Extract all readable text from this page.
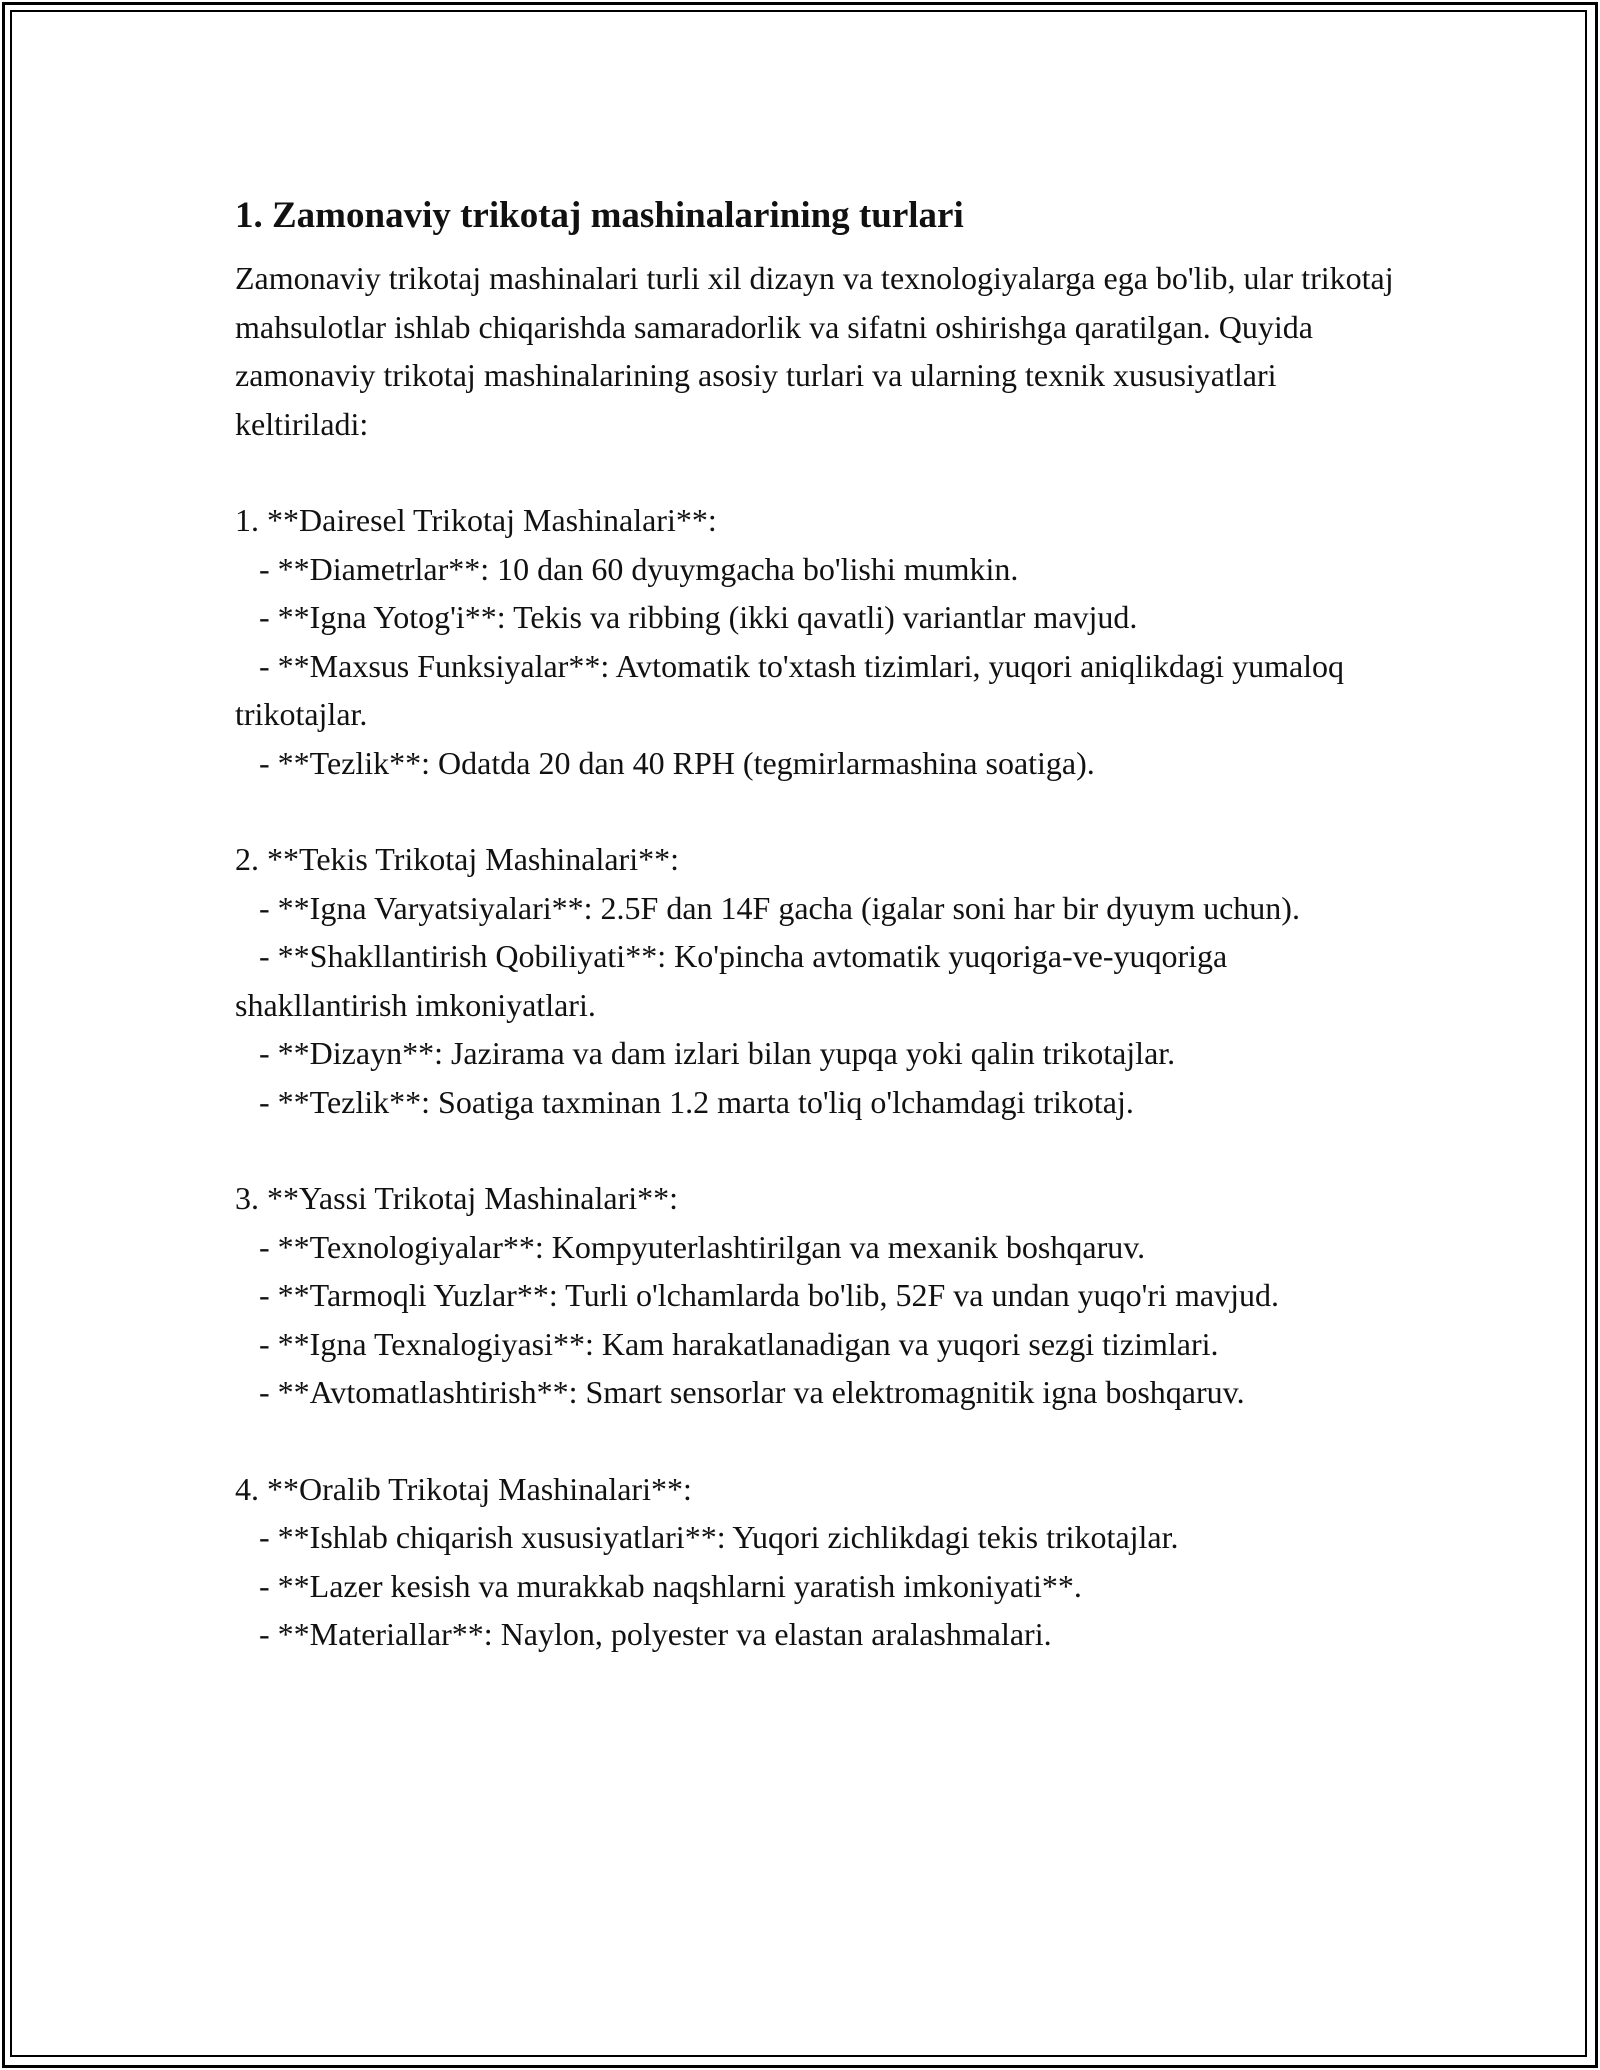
1. Zamonaviy trikotaj mashinalarining turlari

Zamonaviy trikotaj mashinalari turli xil dizayn va texnologiyalarga ega bo'lib, ular trikotaj mahsulotlar ishlab chiqarishda samaradorlik va sifatni oshirishga qaratilgan. Quyida zamonaviy trikotaj mashinalarining asosiy turlari va ularning texnik xususiyatlari keltiriladi:

1. **Dairesel Trikotaj Mashinalari**:

- **Diametrlar**: 10 dan 60 dyuymgacha bo'lishi mumkin.

- **Igna Yotog'i**: Tekis va ribbing (ikki qavatli) variantlar mavjud.

- **Maxsus Funksiyalar**: Avtomatik to'xtash tizimlari, yuqori aniqlikdagi yumaloq trikotajlar.

- **Tezlik**: Odatda 20 dan 40 RPH (tegmirlarmashina soatiga).

2. **Tekis Trikotaj Mashinalari**:

- **Igna Varyatsiyalari**: 2.5F dan 14F gacha (igalar soni har bir dyuym uchun).

- **Shakllantirish Qobiliyati**: Ko'pincha avtomatik yuqoriga-ve-yuqoriga shakllantirish imkoniyatlari.

- **Dizayn**: Jazirama va dam izlari bilan yupqa yoki qalin trikotajlar.

- **Tezlik**: Soatiga taxminan 1.2 marta to'liq o'lchamdagi trikotaj.

3. **Yassi Trikotaj Mashinalari**:

- **Texnologiyalar**: Kompyuterlashtirilgan va mexanik boshqaruv.

- **Tarmoqli Yuzlar**: Turli o'lchamlarda bo'lib, 52F va undan yuqo'ri mavjud.

- **Igna Texnalogiyasi**: Kam harakatlanadigan va yuqori sezgi tizimlari.

- **Avtomatlashtirish**: Smart sensorlar va elektromagnitik igna boshqaruv.

4. **Oralib Trikotaj Mashinalari**:

- **Ishlab chiqarish xususiyatlari**: Yuqori zichlikdagi tekis trikotajlar.

- **Lazer kesish va murakkab naqshlarni yaratish imkoniyati**.

- **Materiallar**: Naylon, polyester va elastan aralashmalari.
